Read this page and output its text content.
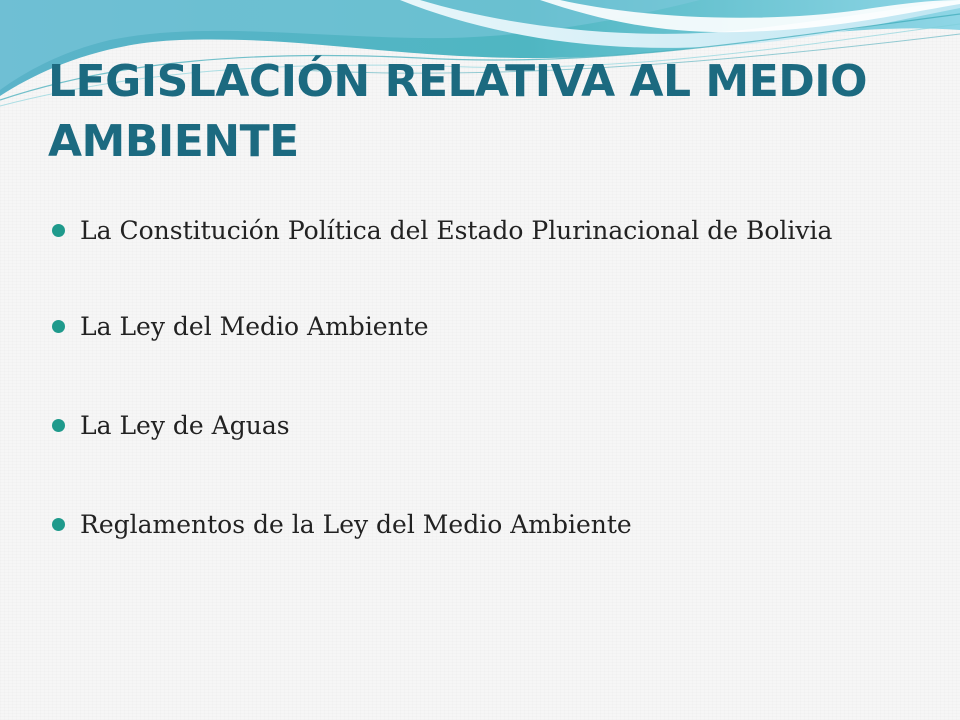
LEGISLACIÓN RELATIVA AL MEDIO
AMBIENTE
La Constitución Política del Estado Plurinacional de Bolivia
La Ley del Medio Ambiente
La Ley de Aguas
Reglamentos de la Ley del Medio Ambiente
